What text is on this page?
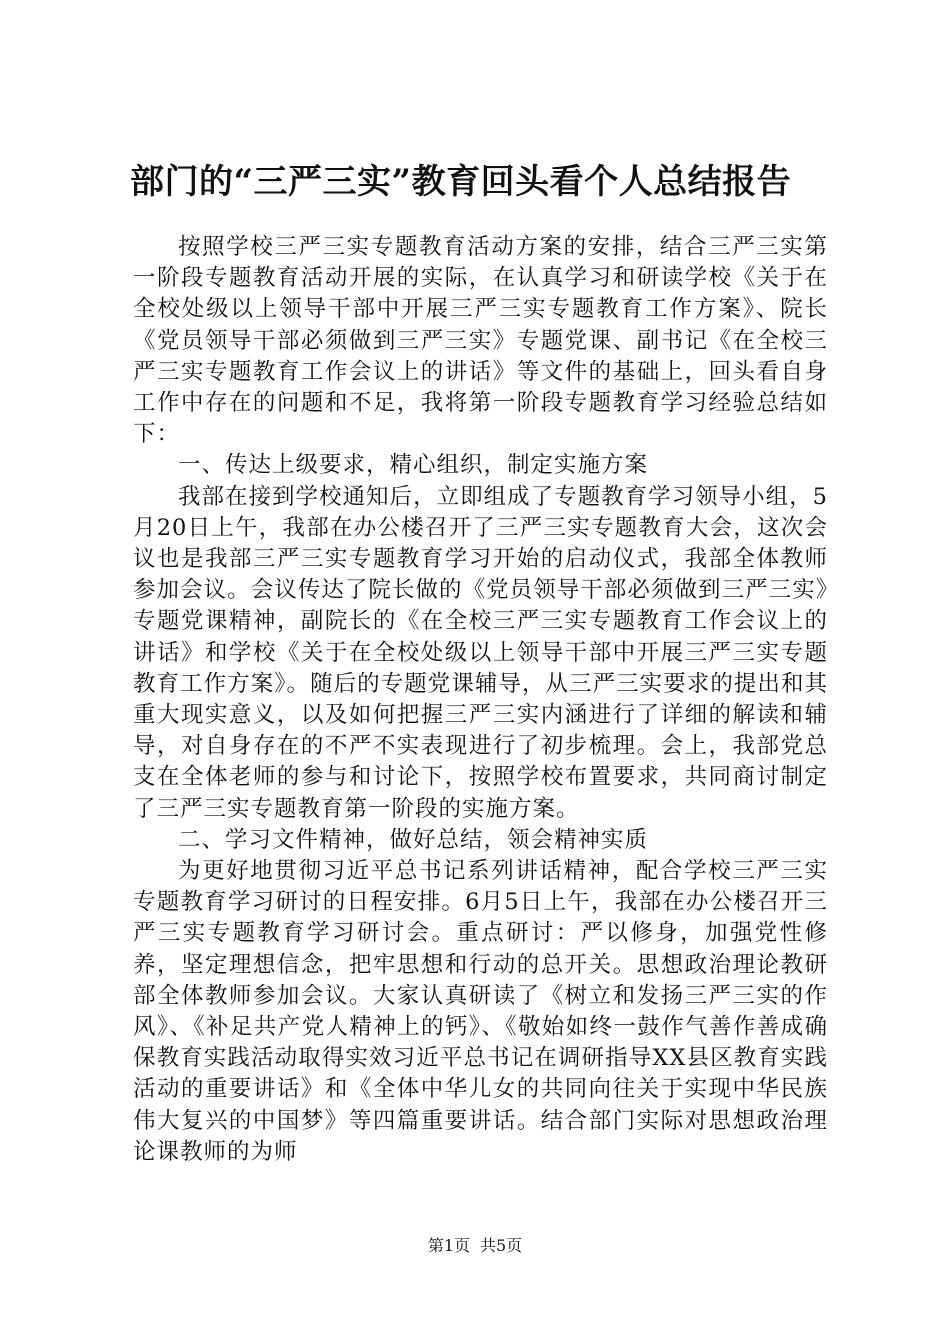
部门的“三严三实”教育回头看个人总结报告

按照学校三严三实专题教育活动方案的安排，结合三严三实第一阶段专题教育活动开展的实际，在认真学习和研读学校《关于在全校处级以上领导干部中开展三严三实专题教育工作方案》、院长《党员领导干部必须做到三严三实》专题党课、副书记《在全校三严三实专题教育工作会议上的讲话》等文件的基础上，回头看自身工作中存在的问题和不足，我将第一阶段专题教育学习经验总结如下：

一、传达上级要求，精心组织，制定实施方案

我部在接到学校通知后，立即组成了专题教育学习领导小组，5月20日上午，我部在办公楼召开了三严三实专题教育大会，这次会议也是我部三严三实专题教育学习开始的启动仪式，我部全体教师参加会议。会议传达了院长做的《党员领导干部必须做到三严三实》专题党课精神，副院长的《在全校三严三实专题教育工作会议上的讲话》和学校《关于在全校处级以上领导干部中开展三严三实专题教育工作方案》。随后的专题党课辅导，从三严三实要求的提出和其重大现实意义，以及如何把握三严三实内涵进行了详细的解读和辅导，对自身存在的不严不实表现进行了初步梳理。会上，我部党总支在全体老师的参与和讨论下，按照学校布置要求，共同商讨制定了三严三实专题教育第一阶段的实施方案。

二、学习文件精神，做好总结，领会精神实质

为更好地贯彻习近平总书记系列讲话精神，配合学校三严三实专题教育学习研讨的日程安排。6月5日上午，我部在办公楼召开三严三实专题教育学习研讨会。重点研讨：严以修身，加强党性修养，坚定理想信念，把牢思想和行动的总开关。思想政治理论教研部全体教师参加会议。大家认真研读了《树立和发扬三严三实的作风》、《补足共产党人精神上的钙》、《敬始如终一鼓作气善作善成确保教育实践活动取得实效习近平总书记在调研指导XX县区教育实践活动的重要讲话》和《全体中华儿女的共同向往关于实现中华民族伟大复兴的中国梦》等四篇重要讲话。结合部门实际对思想政治理论课教师的为师

第1页 共5页
